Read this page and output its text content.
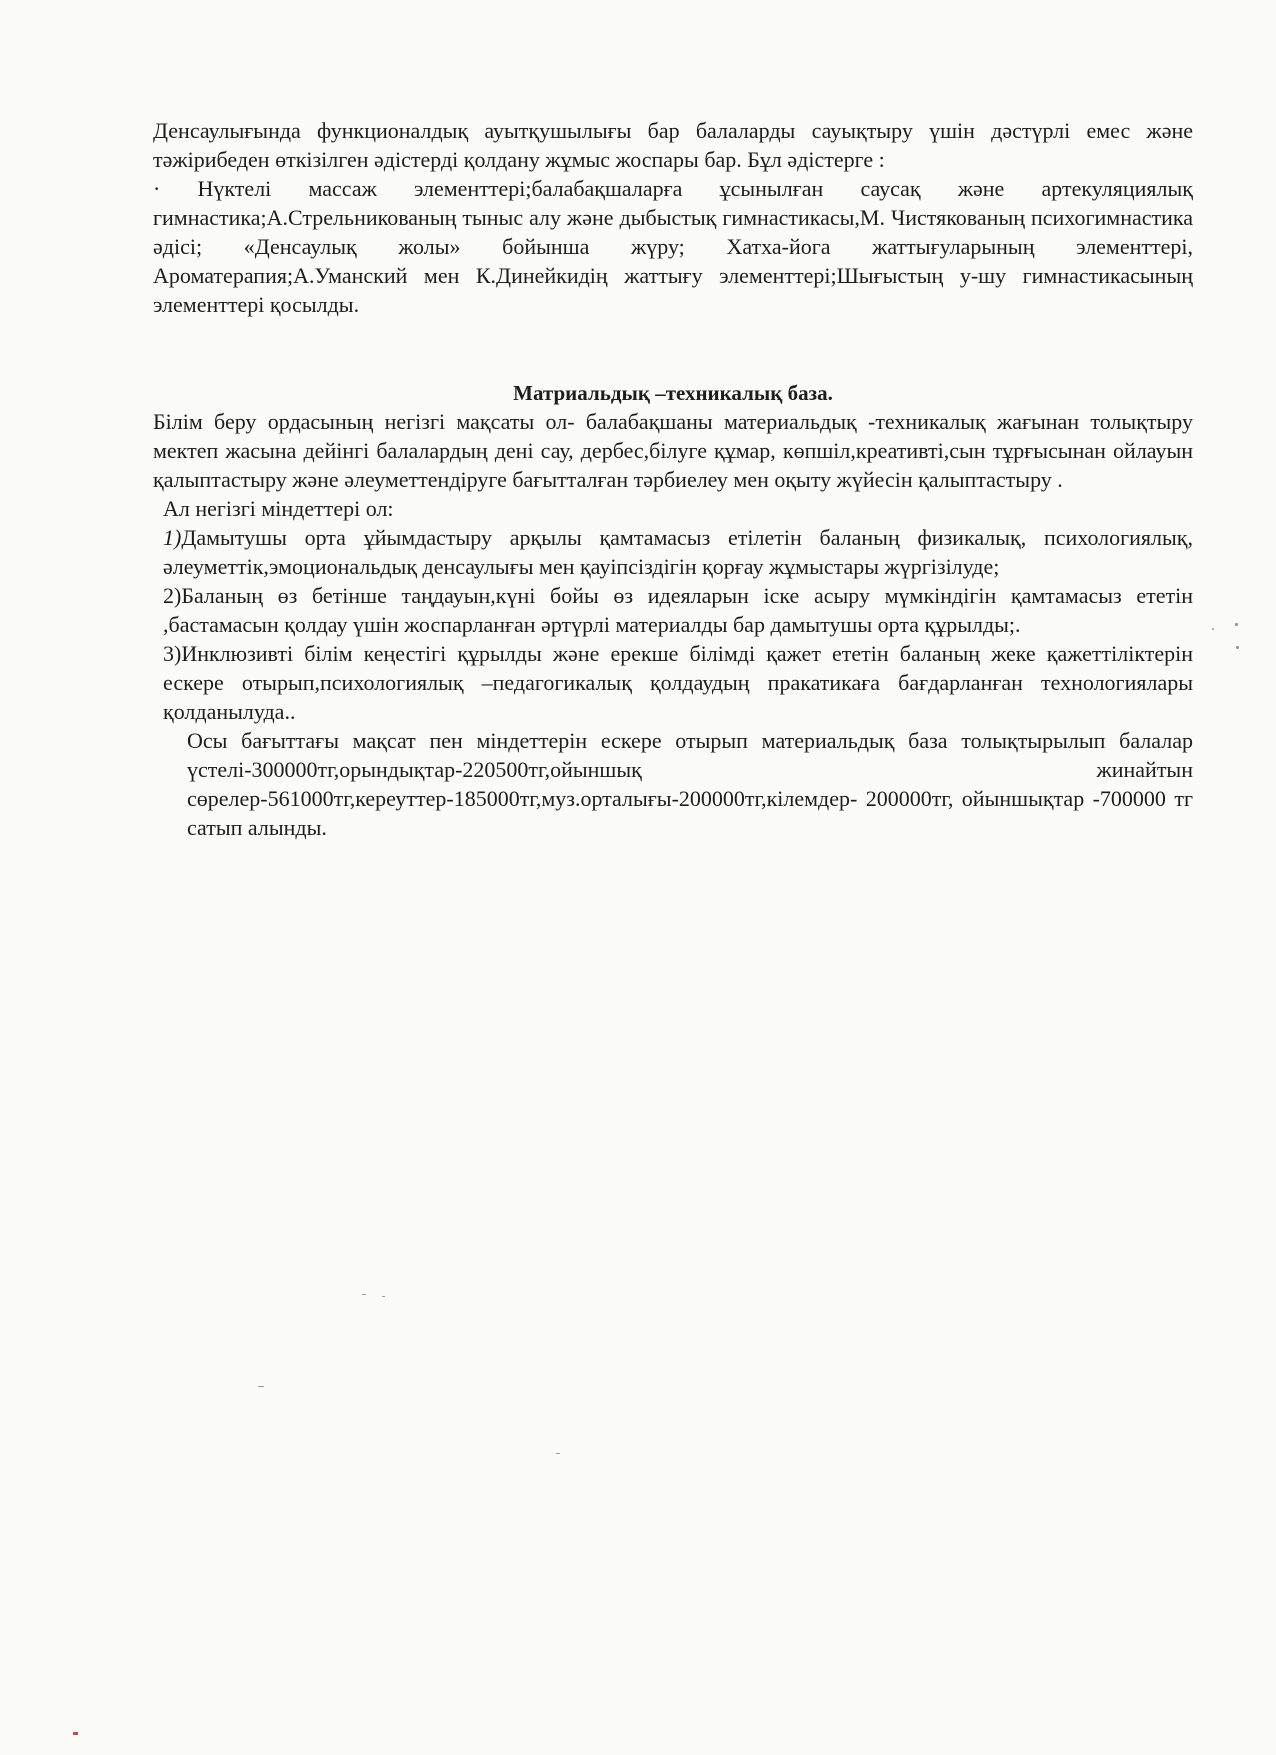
Денсаулығында функционалдық ауытқушылығы бар балаларды сауықтыру үшін дәстүрлі емес және тәжірибеден өткізілген әдістерді қолдану жұмыс жоспары бар. Бұл әдістерге :

· Нүктелі массаж элементтері;балабақшаларға ұсынылған саусақ және артекуляциялық гимнастика;А.Стрельникованың тыныс алу және дыбыстық гимнастикасы,М. Чистякованың психогимнастика әдісі; «Денсаулық жолы» бойынша жүру; Хатха-йога жаттығуларының элементтері, Ароматерапия;А.Уманский мен К.Динейкидің жаттығу элементтері;Шығыстың у-шу гимнастикасының элементтері қосылды.

Матриальдық –техникалық база.

Білім беру ордасының негізгі мақсаты ол- балабақшаны материальдық -техникалық жағынан толықтыру мектеп жасына дейінгі балалардың дені сау, дербес,білуге құмар, көпшіл,креативті,сын тұрғысынан ойлауын қалыптастыру және әлеуметтендіруге бағытталған тәрбиелеу мен оқыту жүйесін қалыптастыру .

Ал негізгі міндеттері ол:

1)Дамытушы орта ұйымдастыру арқылы қамтамасыз етілетін баланың физикалық, психологиялық, әлеуметтік,эмоциональдық денсаулығы мен қауіпсіздігін қорғау жұмыстары жүргізілуде;

2)Баланың өз бетінше таңдауын,күні бойы өз идеяларын іске асыру мүмкіндігін қамтамасыз ететін ,бастамасын қолдау үшін жоспарланған әртүрлі материалды бар дамытушы орта құрылды;.

3)Инклюзивті білім кеңестігі құрылды және ерекше білімді қажет ететін баланың жеке қажеттіліктерін ескере отырып,психологиялық –педагогикалық қолдаудың пракатикаға бағдарланған технологиялары қолданылуда..

Осы бағыттағы мақсат пен міндеттерін ескере отырып материальдық база толықтырылып балалар үстелі-300000тг,орындықтар-220500тг,ойыншық жинайтын сөрелер-561000тг,кереуттер-185000тг,муз.орталығы-200000тг,кілемдер- 200000тг, ойыншықтар -700000 тг сатып алынды.
